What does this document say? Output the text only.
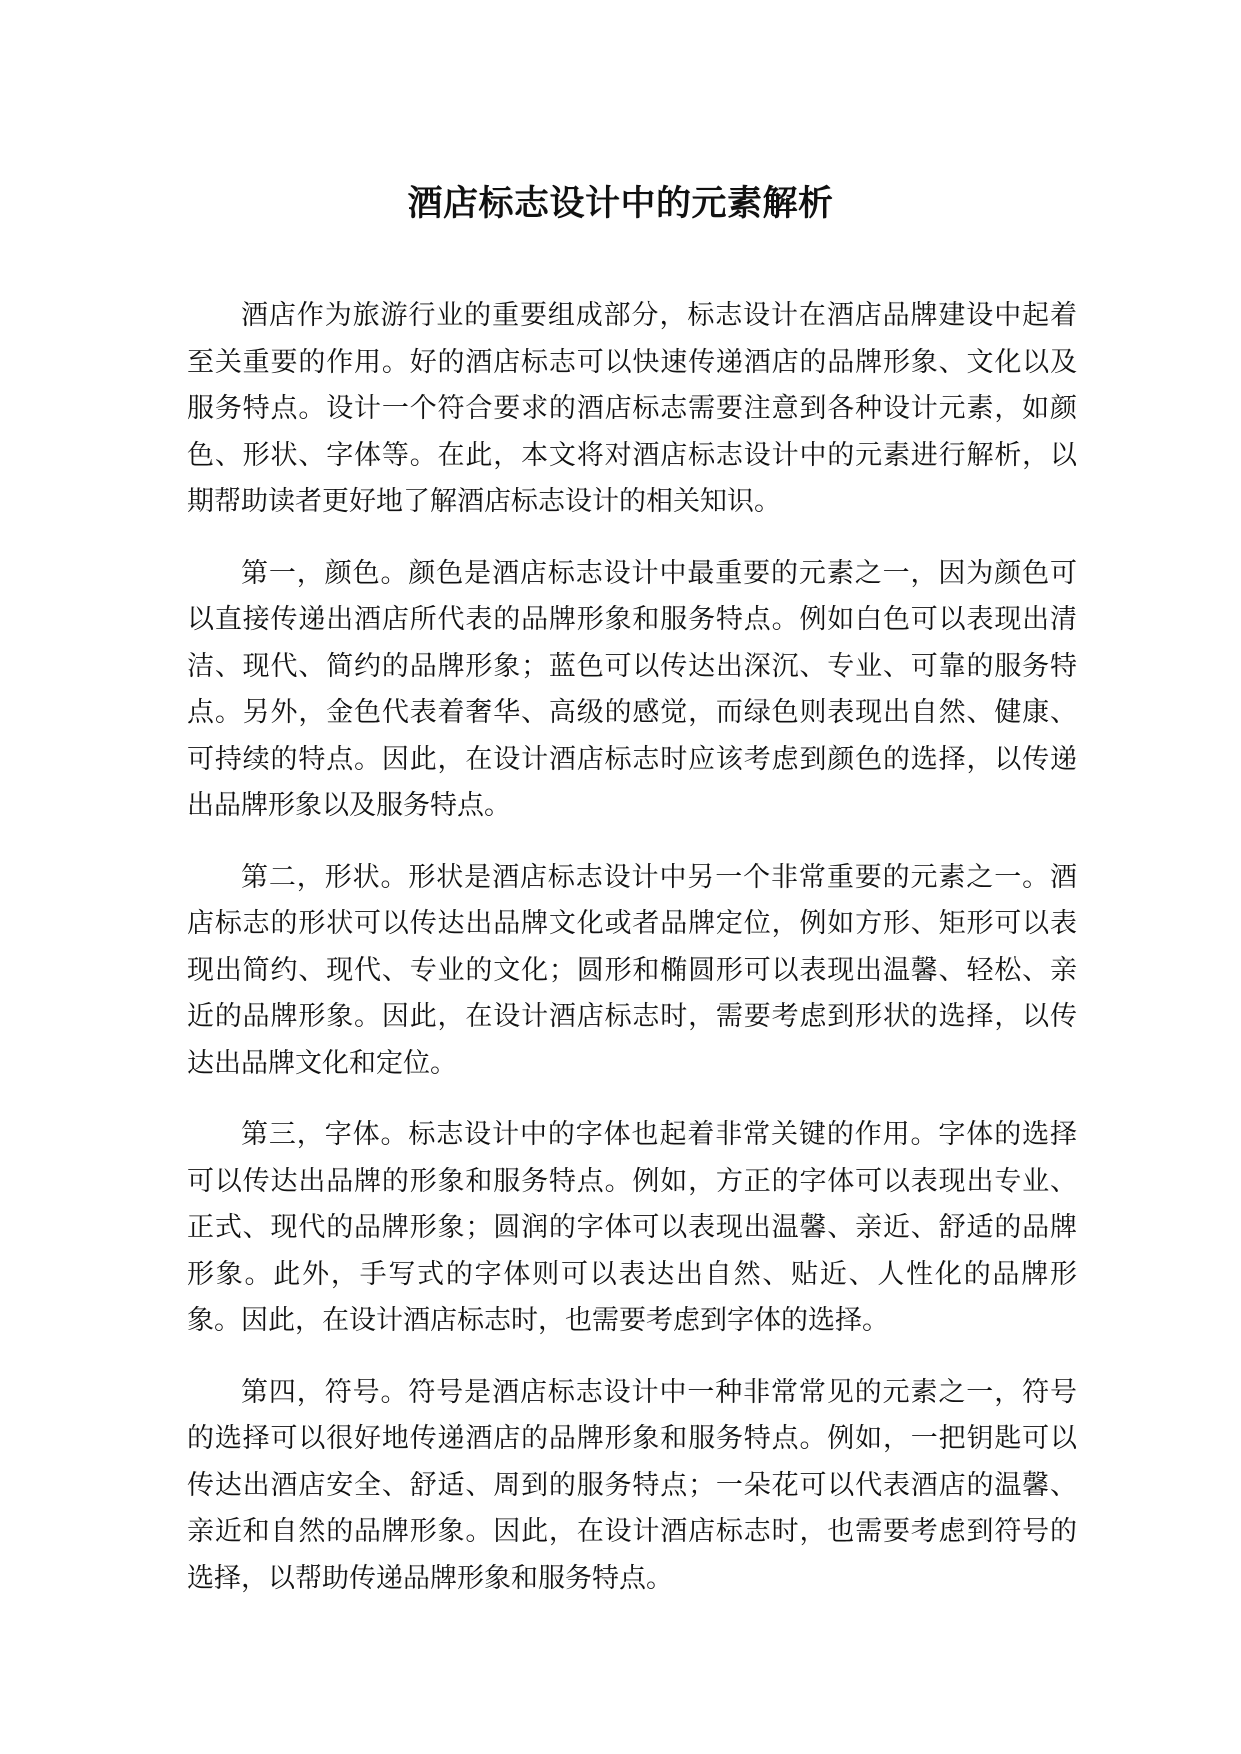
酒店标志设计中的元素解析

酒店作为旅游行业的重要组成部分，标志设计在酒店品牌建设中起着至关重要的作用。好的酒店标志可以快速传递酒店的品牌形象、文化以及服务特点。设计一个符合要求的酒店标志需要注意到各种设计元素，如颜色、形状、字体等。在此，本文将对酒店标志设计中的元素进行解析，以期帮助读者更好地了解酒店标志设计的相关知识。

第一，颜色。颜色是酒店标志设计中最重要的元素之一，因为颜色可以直接传递出酒店所代表的品牌形象和服务特点。例如白色可以表现出清洁、现代、简约的品牌形象；蓝色可以传达出深沉、专业、可靠的服务特点。另外，金色代表着奢华、高级的感觉，而绿色则表现出自然、健康、可持续的特点。因此，在设计酒店标志时应该考虑到颜色的选择，以传递出品牌形象以及服务特点。

第二，形状。形状是酒店标志设计中另一个非常重要的元素之一。酒店标志的形状可以传达出品牌文化或者品牌定位，例如方形、矩形可以表现出简约、现代、专业的文化；圆形和椭圆形可以表现出温馨、轻松、亲近的品牌形象。因此，在设计酒店标志时，需要考虑到形状的选择，以传达出品牌文化和定位。

第三，字体。标志设计中的字体也起着非常关键的作用。字体的选择可以传达出品牌的形象和服务特点。例如，方正的字体可以表现出专业、正式、现代的品牌形象；圆润的字体可以表现出温馨、亲近、舒适的品牌形象。此外，手写式的字体则可以表达出自然、贴近、人性化的品牌形象。因此，在设计酒店标志时，也需要考虑到字体的选择。

第四，符号。符号是酒店标志设计中一种非常常见的元素之一，符号的选择可以很好地传递酒店的品牌形象和服务特点。例如，一把钥匙可以传达出酒店安全、舒适、周到的服务特点；一朵花可以代表酒店的温馨、亲近和自然的品牌形象。因此，在设计酒店标志时，也需要考虑到符号的选择，以帮助传递品牌形象和服务特点。
